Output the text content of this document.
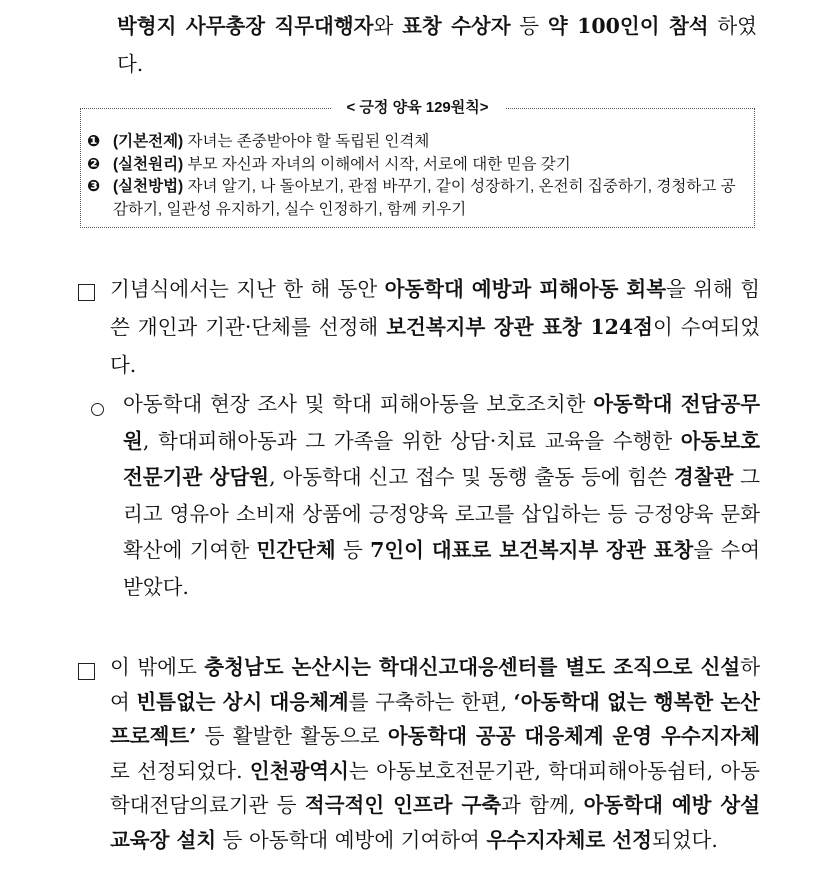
박형지 사무총장 직무대행자와 표창 수상자 등 약 100인이 참석 하였다.
< 긍정 양육 129원칙>
❶ (기본전제) 자녀는 존중받아야 할 독립된 인격체
❷ (실천원리) 부모 자신과 자녀의 이해에서 시작, 서로에 대한 믿음 갖기
❸ (실천방법) 자녀 알기, 나 돌아보기, 관점 바꾸기, 같이 성장하기, 온전히 집중하기, 경청하고 공감하기, 일관성 유지하기, 실수 인정하기, 함께 키우기
기념식에서는 지난 한 해 동안 아동학대 예방과 피해아동 회복을 위해 힘쓴 개인과 기관·단체를 선정해 보건복지부 장관 표창 124점이 수여되었다.
아동학대 현장 조사 및 학대 피해아동을 보호조치한 아동학대 전담공무원, 학대피해아동과 그 가족을 위한 상담·치료 교육을 수행한 아동보호전문기관 상담원, 아동학대 신고 접수 및 동행 출동 등에 힘쓴 경찰관 그리고 영유아 소비재 상품에 긍정양육 로고를 삽입하는 등 긍정양육 문화 확산에 기여한 민간단체 등 7인이 대표로 보건복지부 장관 표창을 수여받았다.
이 밖에도 충청남도 논산시는 학대신고대응센터를 별도 조직으로 신설하여 빈틈없는 상시 대응체계를 구축하는 한편, ‘아동학대 없는 행복한 논산 프로젝트’ 등 활발한 활동으로 아동학대 공공 대응체계 운영 우수지자체로 선정되었다. 인천광역시는 아동보호전문기관, 학대피해아동쉼터, 아동학대전담의료기관 등 적극적인 인프라 구축과 함께, 아동학대 예방 상설교육장 설치 등 아동학대 예방에 기여하여 우수지자체로 선정되었다.
